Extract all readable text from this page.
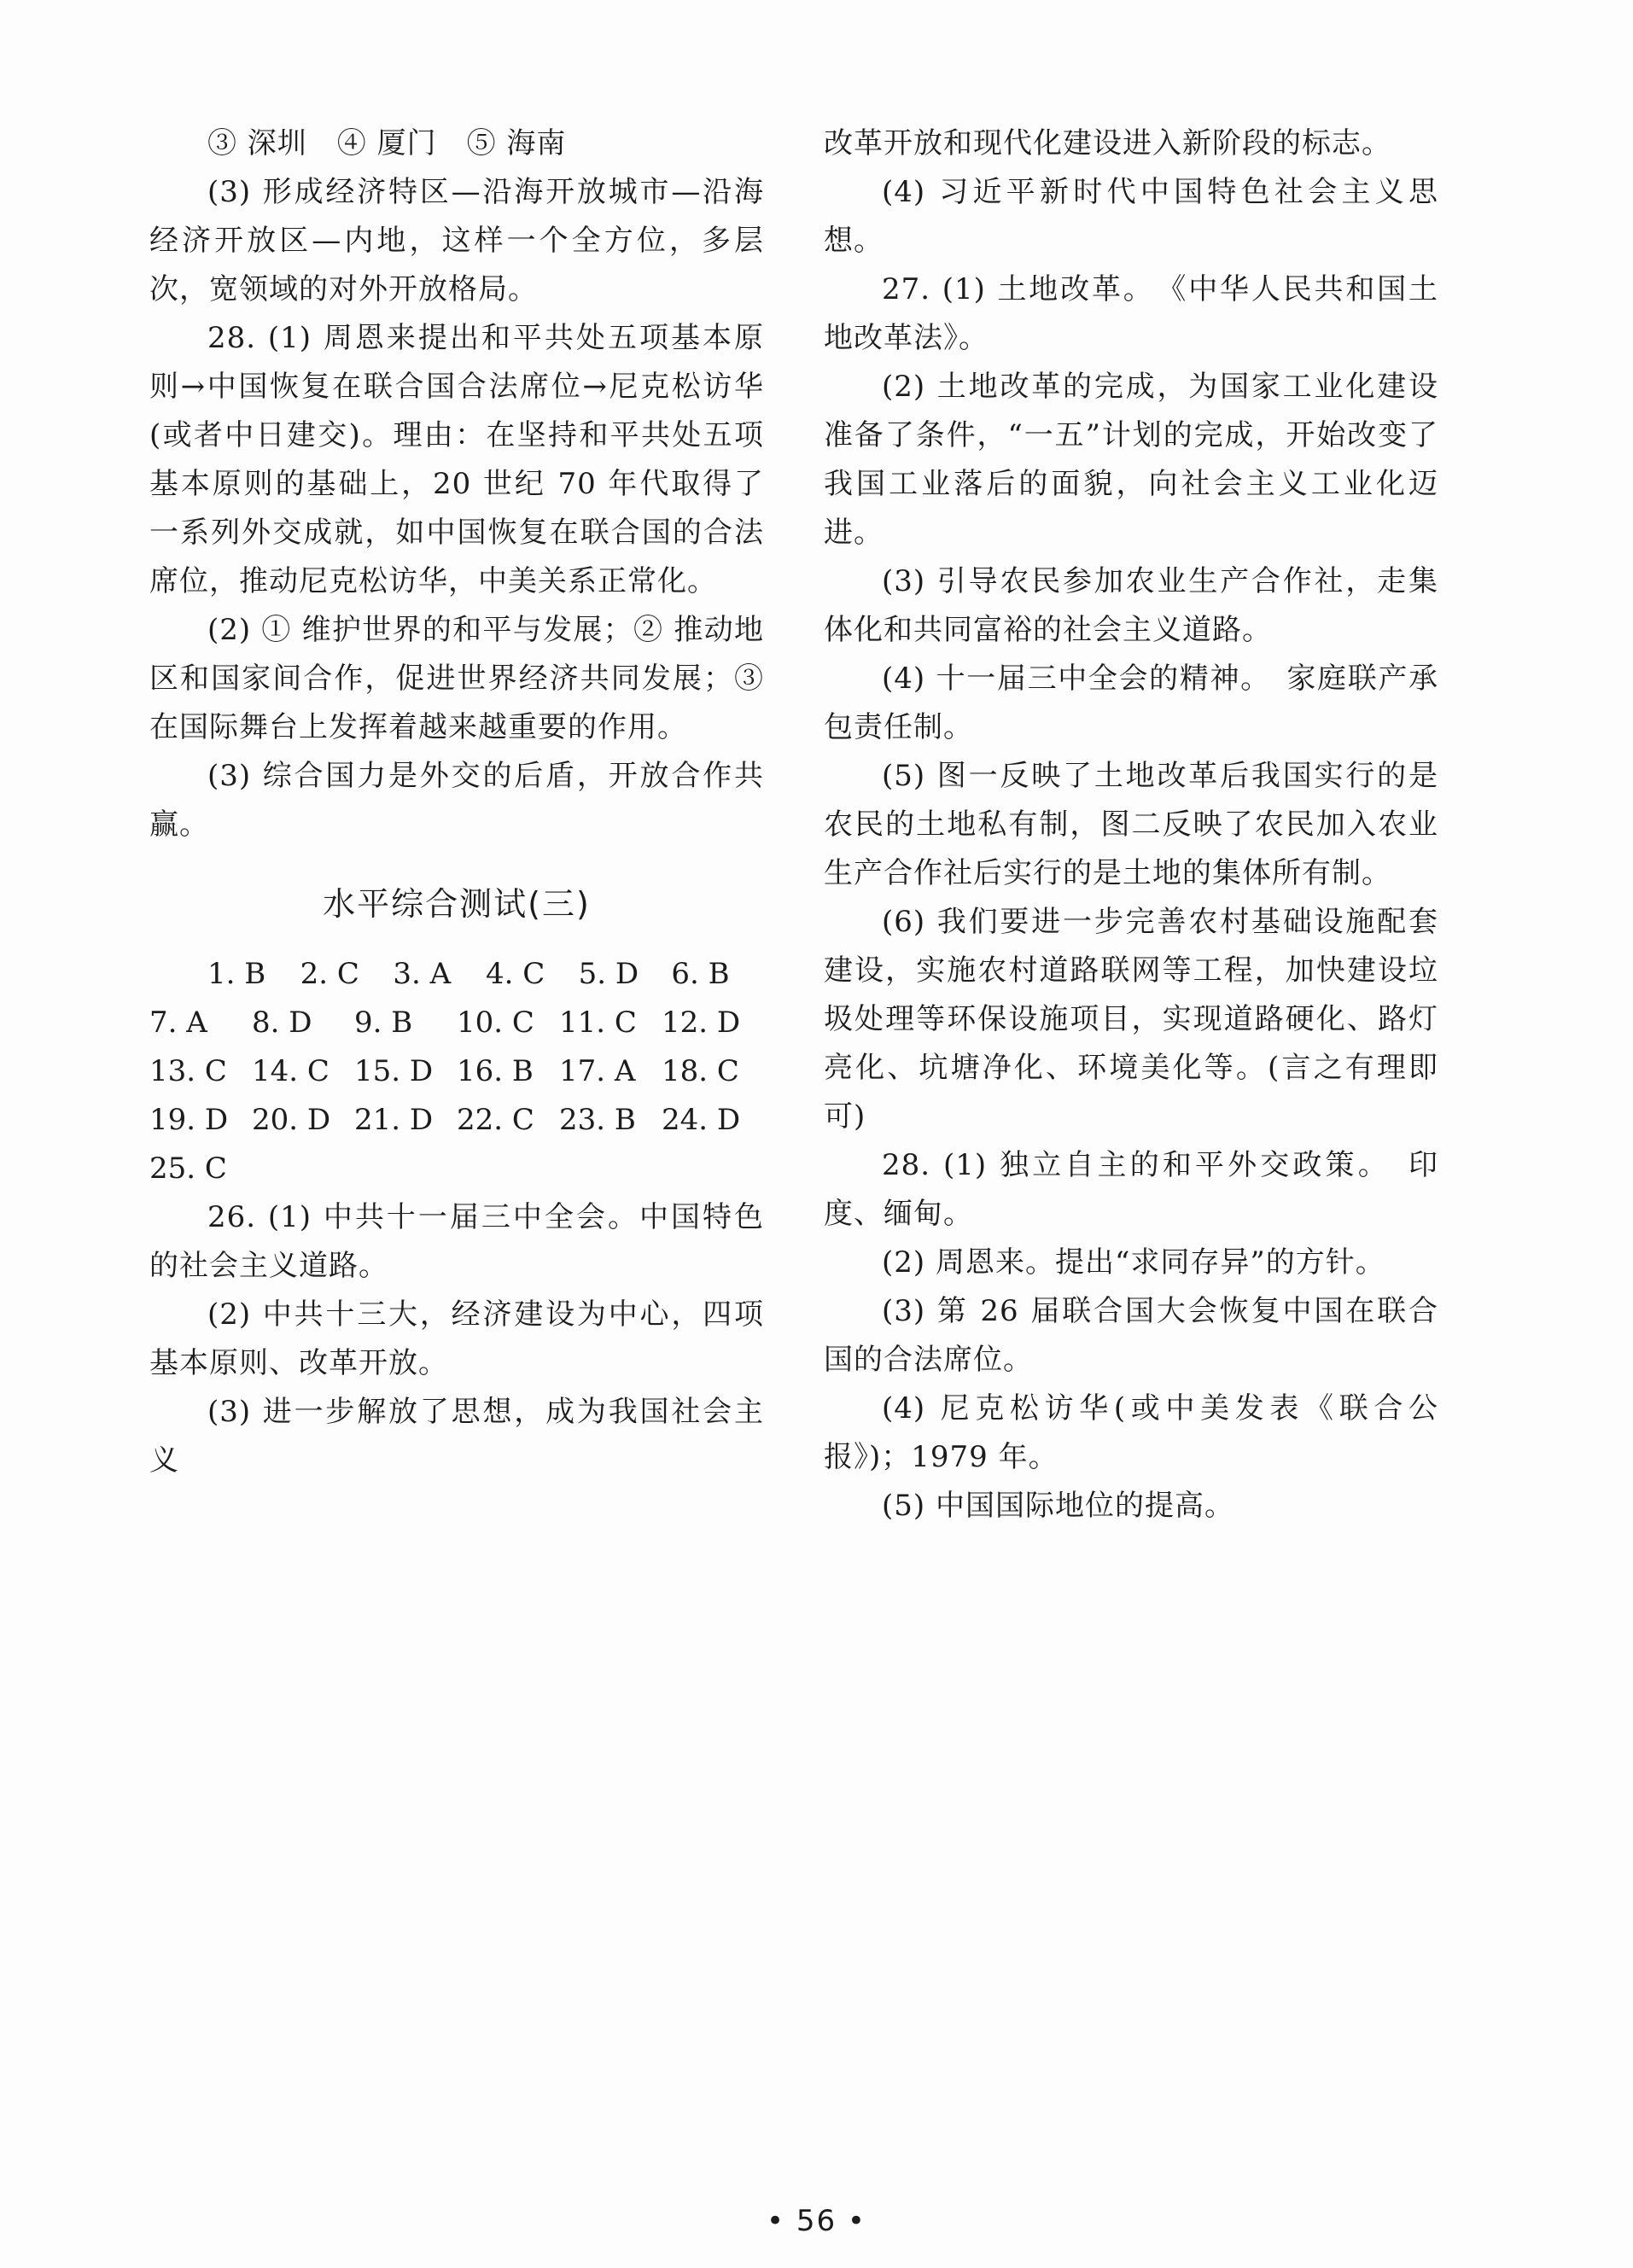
③ 深圳　④ 厦门　⑤ 海南

(3) 形成经济特区—沿海开放城市—沿海经济开放区—内地，这样一个全方位，多层次，宽领域的对外开放格局。

28. (1) 周恩来提出和平共处五项基本原则→中国恢复在联合国合法席位→尼克松访华(或者中日建交)。理由：在坚持和平共处五项基本原则的基础上，20 世纪 70 年代取得了一系列外交成就，如中国恢复在联合国的合法席位，推动尼克松访华，中美关系正常化。

(2) ① 维护世界的和平与发展；② 推动地区和国家间合作，促进世界经济共同发展；③ 在国际舞台上发挥着越来越重要的作用。

(3) 综合国力是外交的后盾，开放合作共赢。

水平综合测试(三)
1. B	2. C	3. A	4. C	5. D	6. B
7. A	8. D	9. B	10. C 11. C 12. D
13. C 14. C 15. D 16. B 17. A 18. C
19. D 20. D 21. D 22. C 23. B 24. D
25. C

26. (1) 中共十一届三中全会。中国特色的社会主义道路。

(2) 中共十三大，经济建设为中心，四项基本原则、改革开放。

(3) 进一步解放了思想，成为我国社会主义

改革开放和现代化建设进入新阶段的标志。

(4) 习近平新时代中国特色社会主义思想。

27. (1) 土地改革。　《中华人民共和国土地改革法》。

(2) 土地改革的完成，为国家工业化建设准备了条件，“一五”计划的完成，开始改变了我国工业落后的面貌，向社会主义工业化迈进。

(3) 引导农民参加农业生产合作社，走集体化和共同富裕的社会主义道路。

(4) 十一届三中全会的精神。　家庭联产承包责任制。

(5) 图一反映了土地改革后我国实行的是农民的土地私有制，图二反映了农民加入农业生产合作社后实行的是土地的集体所有制。

(6) 我们要进一步完善农村基础设施配套建设，实施农村道路联网等工程，加快建设垃圾处理等环保设施项目，实现道路硬化、路灯亮化、坑塘净化、环境美化等。(言之有理即可)

28. (1) 独立自主的和平外交政策。　印度、缅甸。

(2) 周恩来。提出“求同存异”的方针。

(3) 第 26 届联合国大会恢复中国在联合国的合法席位。

(4) 尼克松访华(或中美发表《联合公报》)；1979 年。

(5) 中国国际地位的提高。

• 56 •
